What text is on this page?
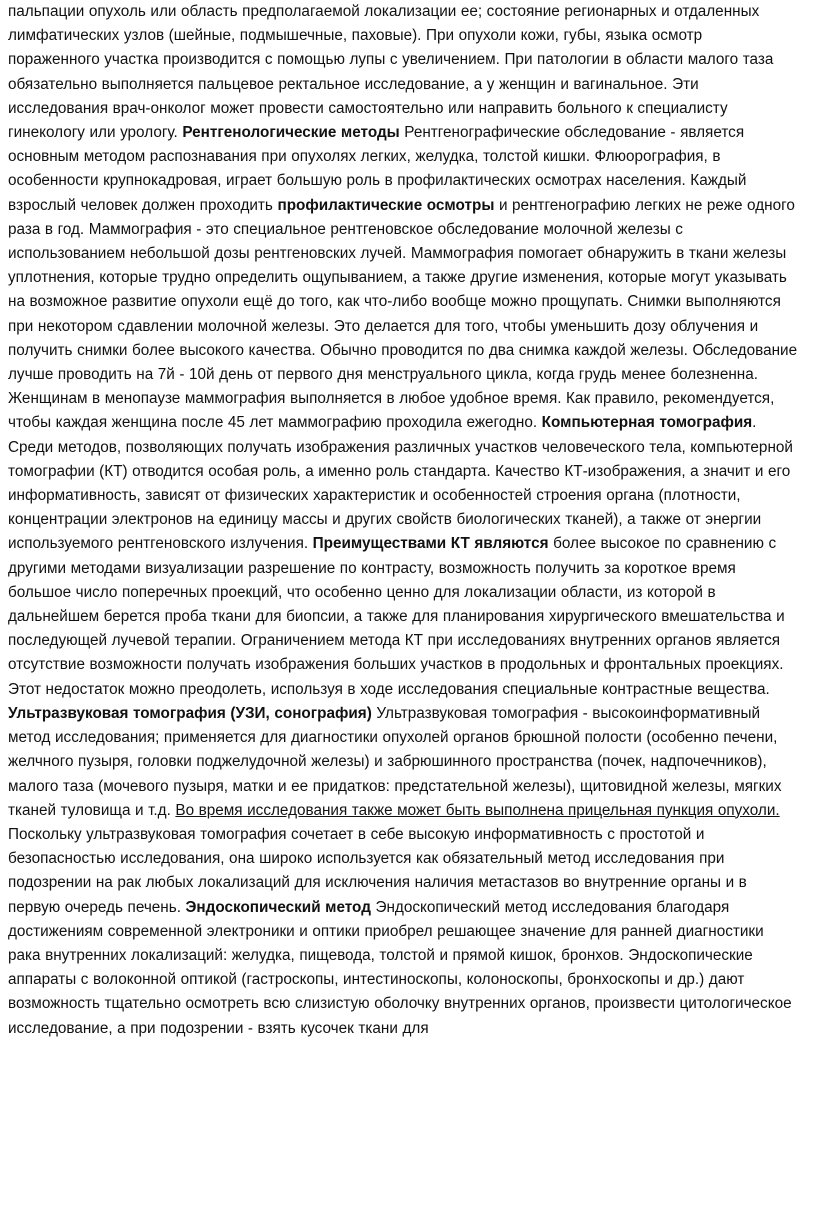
пальпации опухоль или область предполагаемой локализации ее; состояние регионарных и отдаленных лимфатических узлов (шейные, подмышечные, паховые). При опухоли кожи, губы, языка осмотр пораженного участка производится с помощью лупы с увеличением. При патологии в области малого таза обязательно выполняется пальцевое ректальное исследование, а у женщин и вагинальное. Эти исследования врач-онколог может провести самостоятельно или направить больного к специалисту гинекологу или урологу. Рентгенологические методы Рентгенографические обследование - является основным методом распознавания при опухолях легких, желудка, толстой кишки. Флюорография, в особенности крупнокадровая, играет большую роль в профилактических осмотрах населения. Каждый взрослый человек должен проходить профилактические осмотры и рентгенографию легких не реже одного раза в год. Маммография - это специальное рентгеновское обследование молочной железы с использованием небольшой дозы рентгеновских лучей. Маммография помогает обнаружить в ткани железы уплотнения, которые трудно определить ощупыванием, а также другие изменения, которые могут указывать на возможное развитие опухоли ещё до того, как что-либо вообще можно прощупать. Снимки выполняются при некотором сдавлении молочной железы. Это делается для того, чтобы уменьшить дозу облучения и получить снимки более высокого качества. Обычно проводится по два снимка каждой железы. Обследование лучше проводить на 7й - 10й день от первого дня менструального цикла, когда грудь менее болезненна. Женщинам в менопаузе маммография выполняется в любое удобное время. Как правило, рекомендуется, чтобы каждая женщина после 45 лет маммографию проходила ежегодно. Компьютерная томография. Среди методов, позволяющих получать изображения различных участков человеческого тела, компьютерной томографии (КТ) отводится особая роль, а именно роль стандарта. Качество КТ-изображения, а значит и его информативность, зависят от физических характеристик и особенностей строения органа (плотности, концентрации электронов на единицу массы и других свойств биологических тканей), а также от энергии используемого рентгеновского излучения. Преимуществами КТ являются более высокое по сравнению с другими методами визуализации разрешение по контрасту, возможность получить за короткое время большое число поперечных проекций, что особенно ценно для локализации области, из которой в дальнейшем берется проба ткани для биопсии, а также для планирования хирургического вмешательства и последующей лучевой терапии. Ограничением метода КТ при исследованиях внутренних органов является отсутствие возможности получать изображения больших участков в продольных и фронтальных проекциях. Этот недостаток можно преодолеть, используя в ходе исследования специальные контрастные вещества. Ультразвуковая томография (УЗИ, сонография) Ультразвуковая томография - высокоинформативный метод исследования; применяется для диагностики опухолей органов брюшной полости (особенно печени, желчного пузыря, головки поджелудочной железы) и забрюшинного пространства (почек, надпочечников), малого таза (мочевого пузыря, матки и ее придатков: предстательной железы), щитовидной железы, мягких тканей туловища и т.д. Во время исследования также может быть выполнена прицельная пункция опухоли. Поскольку ультразвуковая томография сочетает в себе высокую информативность с простотой и безопасностью исследования, она широко используется как обязательный метод исследования при подозрении на рак любых локализаций для исключения наличия метастазов во внутренние органы и в первую очередь печень. Эндоскопический метод Эндоскопический метод исследования благодаря достижениям современной электроники и оптики приобрел решающее значение для ранней диагностики рака внутренних локализаций: желудка, пищевода, толстой и прямой кишок, бронхов. Эндоскопические аппараты с волоконной оптикой (гастроскопы, интестиноскопы, колоноскопы, бронхоскопы и др.) дают возможность тщательно осмотреть всю слизистую оболочку внутренних органов, произвести цитологическое исследование, а при подозрении - взять кусочек ткани для
